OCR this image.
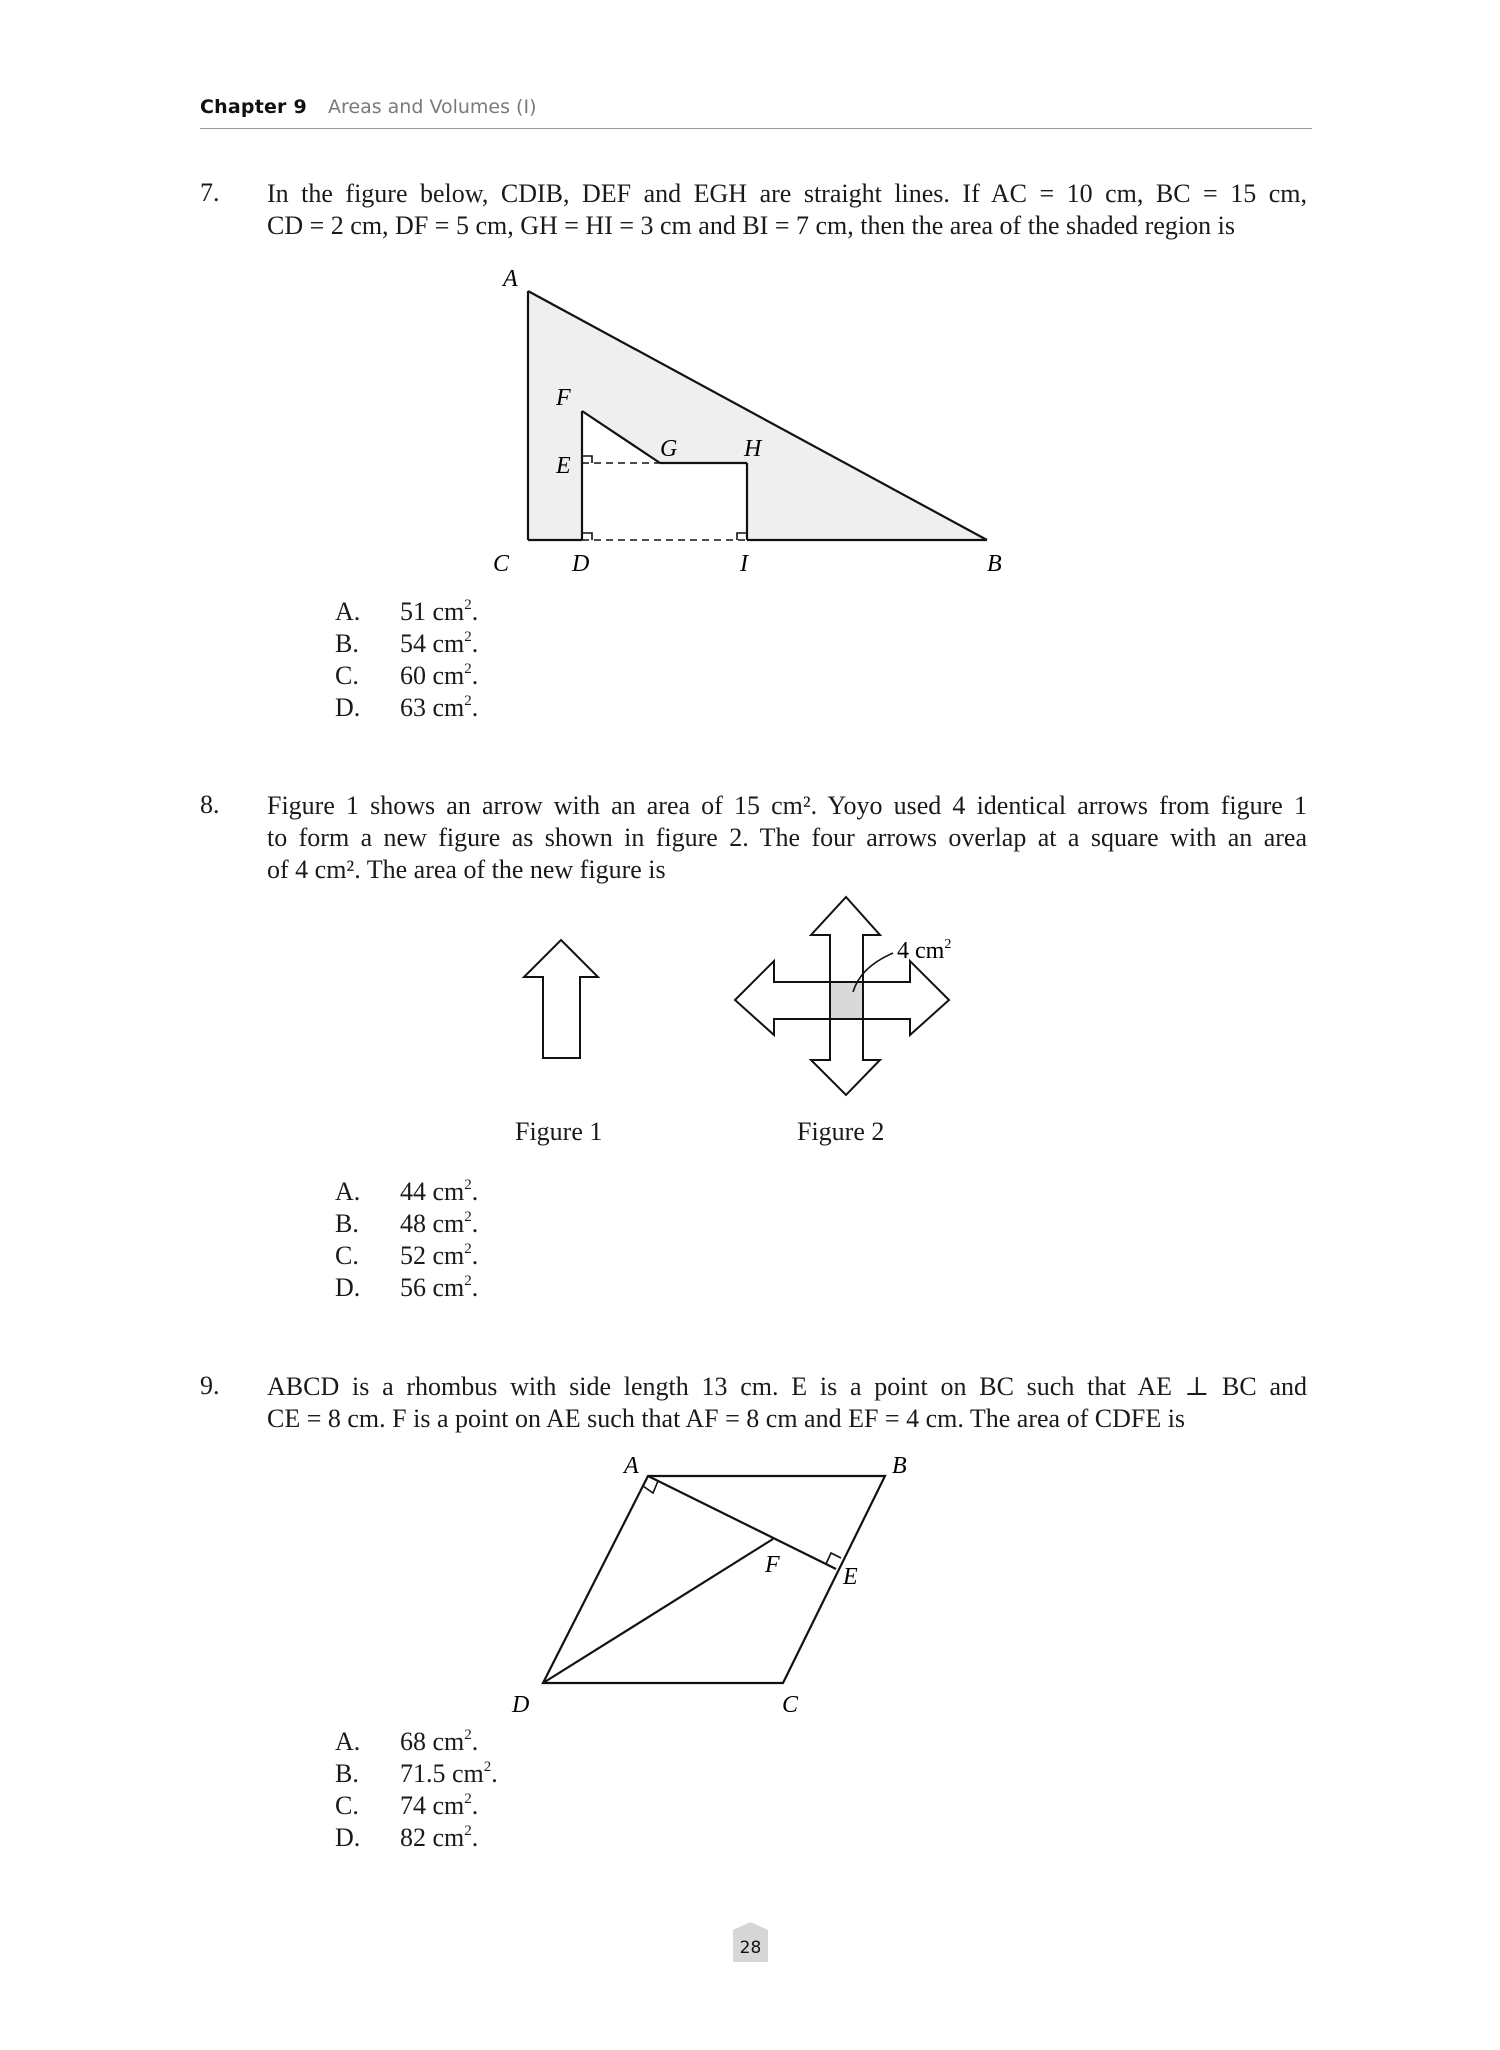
Chapter 9 Areas and Volumes (I)
7. In the figure below, CDIB, DEF and EGH are straight lines. If AC = 10 cm, BC = 15 cm,
CD = 2 cm, DF = 5 cm, GH = HI = 3 cm and BI = 7 cm, then the area of the shaded region is
A
B
C	D
E
F
G	H
I
A. 51 $cm^2$.
B. 54 $cm^2$.
C. 60 $cm^2$.
D. 63 $cm^2$.
8. Figure 1 shows an arrow with an area of 15 cm². Yoyo used 4 identical arrows from figure 1
to form a new figure as shown in figure 2. The four arrows overlap at a square with an area
of 4 cm². The area of the new figure is
4 $cm^2$
Figure 1	Figure 2
A. 44 $cm^2$.
B. 48 $cm^2$.
C. 52 $cm^2$.
D. 56 $cm^2$.
9. ABCD is a rhombus with side length 13 cm. E is a point on BC such that AE ⊥ BC and
CE = 8 cm. F is a point on AE such that AF = 8 cm and EF = 4 cm. The area of CDFE is
A	B
C
D
E
F
A. 68 $cm^2$.
B. 71.5 $cm^2$.
C. 74 $cm^2$.
D. 82 $cm^2$.
28
